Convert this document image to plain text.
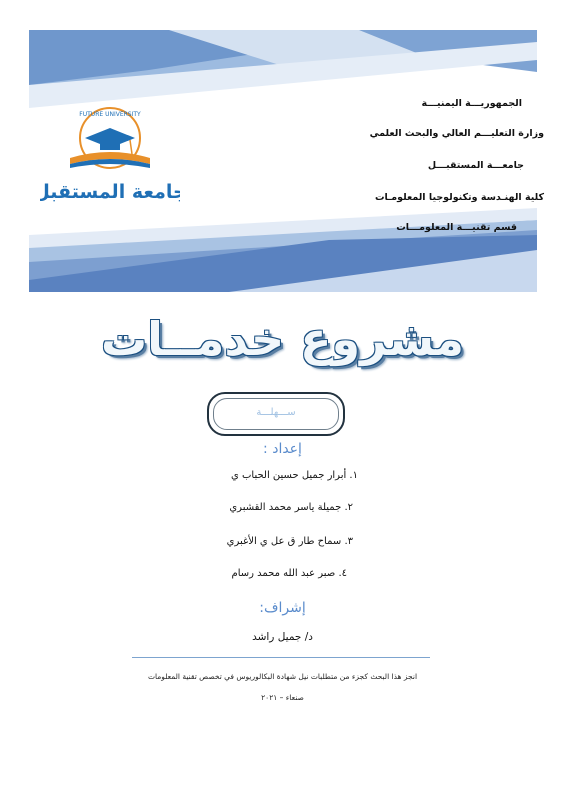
FUTURE UNIVERSITY
جامعة المستقبل
الجمهوريـــة اليمنيـــة
وزارة التعليـــم العالي والبحث العلمي
جامعـــة المستقبـــل
كلية الهنـدسة وتكنولوجيا المعلومـات
قسم تقنيـــة المعلومـــات
مشروع خدمــات
ســـهلـــة
إعداد :
١. أبرار جميل حسين الحباب ي
٢. جميلة ياسر محمد القشبري
٣. سماح طار ق عل ي الأغبري
٤. صبر عبد الله محمد رسام
إشراف:
د/ جميل راشد
انجز هذا البحث كجزء من متطلبات نيل شهادة البكالوريوس في تخصص تقنية المعلومات
صنعاء – ٢٠٢١
